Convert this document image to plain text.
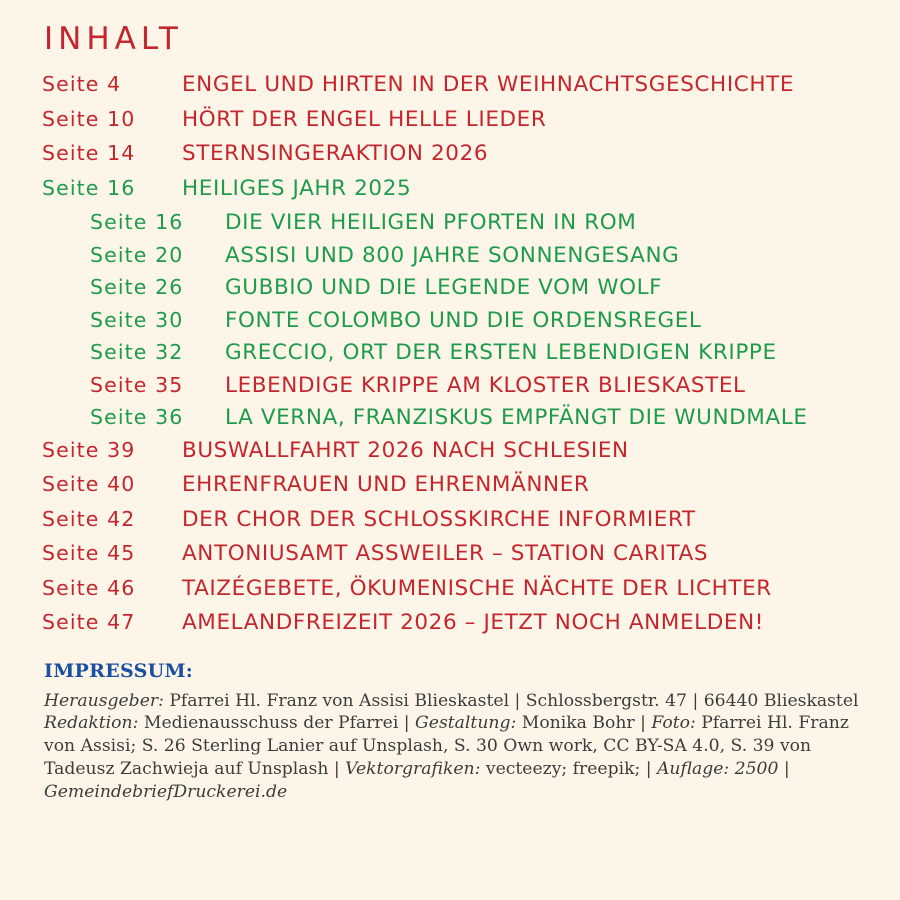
INHALT
Seite 4	ENGEL UND HIRTEN IN DER WEIHNACHTSGESCHICHTE
Seite 10	HÖRT DER ENGEL HELLE LIEDER
Seite 14	STERNSINGERAKTION 2026
Seite 16	HEILIGES JAHR 2025
Seite 16	DIE VIER HEILIGEN PFORTEN IN ROM
Seite 20	ASSISI UND 800 JAHRE SONNENGESANG
Seite 26	GUBBIO UND DIE LEGENDE VOM WOLF
Seite 30	FONTE COLOMBO UND DIE ORDENSREGEL
Seite 32	GRECCIO, ORT DER ERSTEN LEBENDIGEN KRIPPE
Seite 35	LEBENDIGE KRIPPE AM KLOSTER BLIESKASTEL
Seite 36	LA VERNA, FRANZISKUS EMPFÄNGT DIE WUNDMALE
Seite 39	BUSWALLFAHRT 2026 NACH SCHLESIEN
Seite 40	EHRENFRAUEN UND EHRENMÄNNER
Seite 42	DER CHOR DER SCHLOSSKIRCHE INFORMIERT
Seite 45	ANTONIUSAMT ASSWEILER – STATION CARITAS
Seite 46	TAIZÉGEBETE, ÖKUMENISCHE NÄCHTE DER LICHTER
Seite 47	AMELANDFREIZEIT 2026 – JETZT NOCH ANMELDEN!
IMPRESSUM:
Herausgeber: Pfarrei Hl. Franz von Assisi Blieskastel | Schlossbergstr. 47 | 66440 Blieskastel Redaktion: Medienausschuss der Pfarrei | Gestaltung: Monika Bohr | Foto: Pfarrei Hl. Franz von Assisi; S. 26 Sterling Lanier auf Unsplash, S. 30 Own work, CC BY-SA 4.0, S. 39 von Tadeusz Zachwieja auf Unsplash | Vektorgrafiken: vecteezy; freepik; | Auflage: 2500 | GemeindebriefDruckerei.de
